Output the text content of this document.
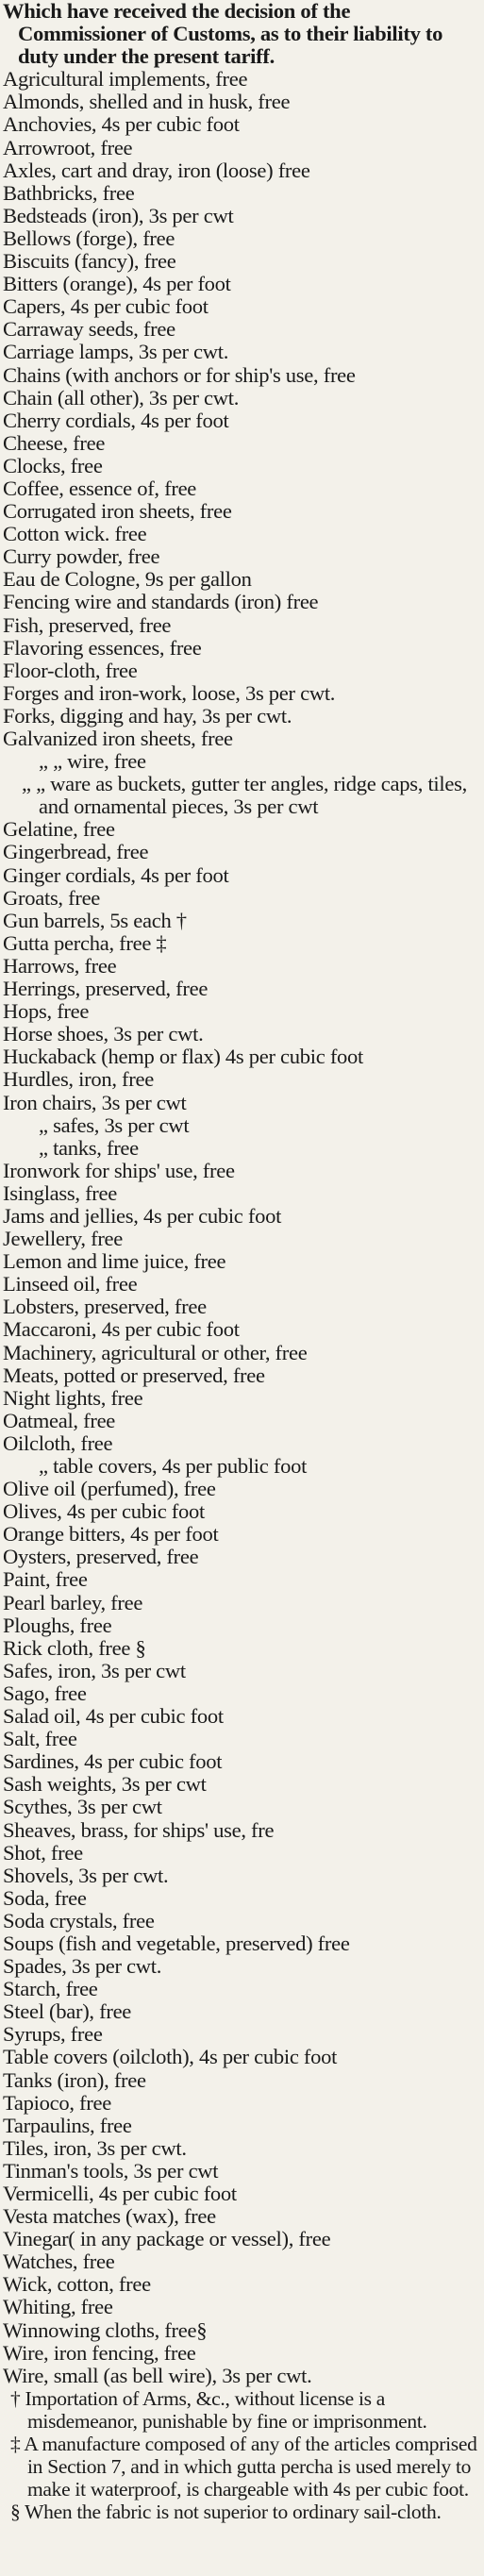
Which have received the decision of the Commissioner of Customs, as to their liability to duty under the present tariff.
Agricultural implements, free
Almonds, shelled and in husk, free
Anchovies, 4s per cubic foot
Arrowroot, free
Axles, cart and dray, iron (loose) free
Bathbricks, free
Bedsteads (iron), 3s per cwt
Bellows (forge), free
Biscuits (fancy), free
Bitters (orange), 4s per foot
Capers, 4s per cubic foot
Carraway seeds, free
Carriage lamps, 3s per cwt.
Chains (with anchors or for ship's use, free
Chain (all other), 3s per cwt.
Cherry cordials, 4s per foot
Cheese, free
Clocks, free
Coffee, essence of, free
Corrugated iron sheets, free
Cotton wick. free
Curry powder, free
Eau de Cologne, 9s per gallon
Fencing wire and standards (iron) free
Fish, preserved, free
Flavoring essences, free
Floor-cloth, free
Forges and iron-work, loose, 3s per cwt.
Forks, digging and hay, 3s per cwt.
Galvanized iron sheets, free
„ „ wire, free
„ „ ware as buckets, gutter ter angles, ridge caps, tiles, and ornamental pieces, 3s per cwt
Gelatine, free
Gingerbread, free
Ginger cordials, 4s per foot
Groats, free
Gun barrels, 5s each †
Gutta percha, free ‡
Harrows, free
Herrings, preserved, free
Hops, free
Horse shoes, 3s per cwt.
Huckaback (hemp or flax) 4s per cubic foot
Hurdles, iron, free
Iron chairs, 3s per cwt
„ safes, 3s per cwt
„ tanks, free
Ironwork for ships' use, free
Isinglass, free
Jams and jellies, 4s per cubic foot
Jewellery, free
Lemon and lime juice, free
Linseed oil, free
Lobsters, preserved, free
Maccaroni, 4s per cubic foot
Machinery, agricultural or other, free
Meats, potted or preserved, free
Night lights, free
Oatmeal, free
Oilcloth, free
„ table covers, 4s per public foot
Olive oil (perfumed), free
Olives, 4s per cubic foot
Orange bitters, 4s per foot
Oysters, preserved, free
Paint, free
Pearl barley, free
Ploughs, free
Rick cloth, free §
Safes, iron, 3s per cwt
Sago, free
Salad oil, 4s per cubic foot
Salt, free
Sardines, 4s per cubic foot
Sash weights, 3s per cwt
Scythes, 3s per cwt
Sheaves, brass, for ships' use, fre
Shot, free
Shovels, 3s per cwt.
Soda, free
Soda crystals, free
Soups (fish and vegetable, preserved) free
Spades, 3s per cwt.
Starch, free
Steel (bar), free
Syrups, free
Table covers (oilcloth), 4s per cubic foot
Tanks (iron), free
Tapioco, free
Tarpaulins, free
Tiles, iron, 3s per cwt.
Tinman's tools, 3s per cwt
Vermicelli, 4s per cubic foot
Vesta matches (wax), free
Vinegar( in any package or vessel), free
Watches, free
Wick, cotton, free
Whiting, free
Winnowing cloths, free§
Wire, iron fencing, free
Wire, small (as bell wire), 3s per cwt.
† Importation of Arms, &c., without license is a misdemeanor, punishable by fine or imprisonment.
‡ A manufacture composed of any of the articles comprised in Section 7, and in which gutta percha is used merely to make it waterproof, is chargeable with 4s per cubic foot.
§ When the fabric is not superior to ordinary sail-cloth.
